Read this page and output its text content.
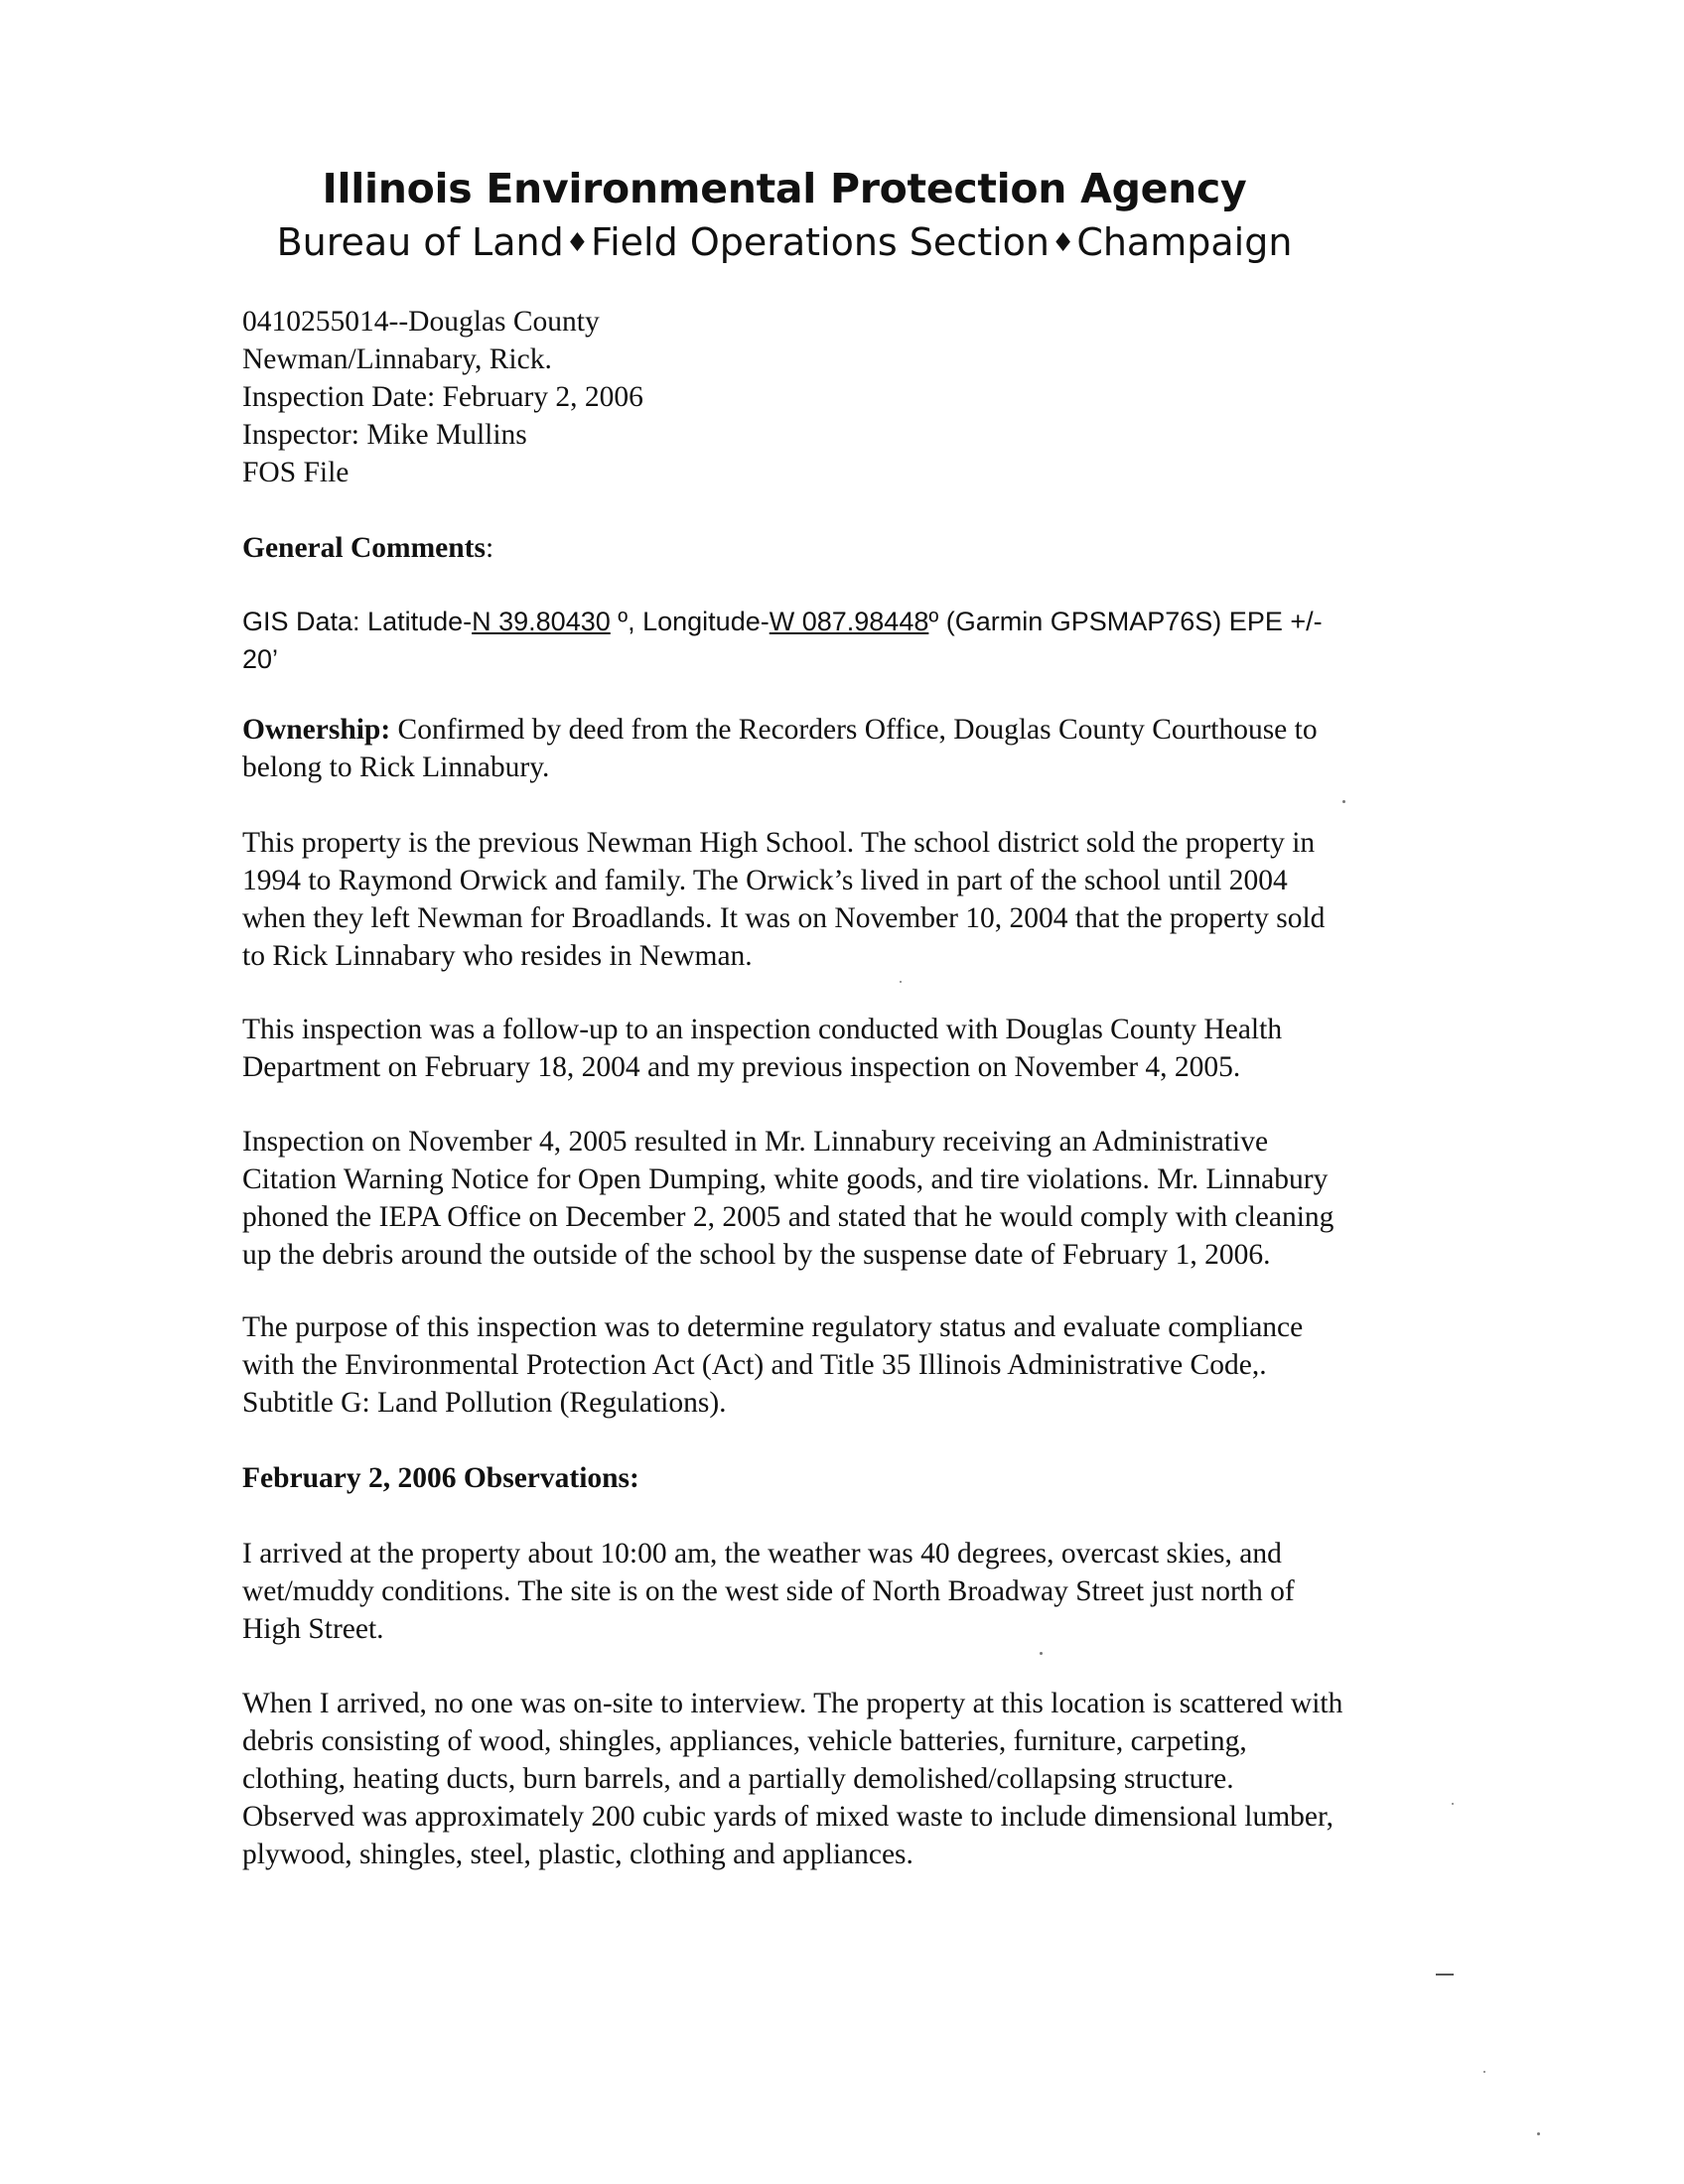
Illinois Environmental Protection Agency
Bureau of Land♦Field Operations Section♦Champaign
0410255014--Douglas County
Newman/Linnabary, Rick.
Inspection Date: February 2, 2006
Inspector: Mike Mullins
FOS File
General Comments:
GIS Data: Latitude-N 39.80430 º, Longitude-W 087.98448º (Garmin GPSMAP76S) EPE +/-
20’
Ownership: Confirmed by deed from the Recorders Office, Douglas County Courthouse to
belong to Rick Linnabury.
This property is the previous Newman High School. The school district sold the property in
1994 to Raymond Orwick and family. The Orwick’s lived in part of the school until 2004
when they left Newman for Broadlands. It was on November 10, 2004 that the property sold
to Rick Linnabary who resides in Newman.
This inspection was a follow-up to an inspection conducted with Douglas County Health
Department on February 18, 2004 and my previous inspection on November 4, 2005.
Inspection on November 4, 2005 resulted in Mr. Linnabury receiving an Administrative
Citation Warning Notice for Open Dumping, white goods, and tire violations. Mr. Linnabury
phoned the IEPA Office on December 2, 2005 and stated that he would comply with cleaning
up the debris around the outside of the school by the suspense date of February 1, 2006.
The purpose of this inspection was to determine regulatory status and evaluate compliance
with the Environmental Protection Act (Act) and Title 35 Illinois Administrative Code,.
Subtitle G: Land Pollution (Regulations).
February 2, 2006 Observations:
I arrived at the property about 10:00 am, the weather was 40 degrees, overcast skies, and
wet/muddy conditions. The site is on the west side of North Broadway Street just north of
High Street.
When I arrived, no one was on-site to interview. The property at this location is scattered with
debris consisting of wood, shingles, appliances, vehicle batteries, furniture, carpeting,
clothing, heating ducts, burn barrels, and a partially demolished/collapsing structure.
Observed was approximately 200 cubic yards of mixed waste to include dimensional lumber,
plywood, shingles, steel, plastic, clothing and appliances.
